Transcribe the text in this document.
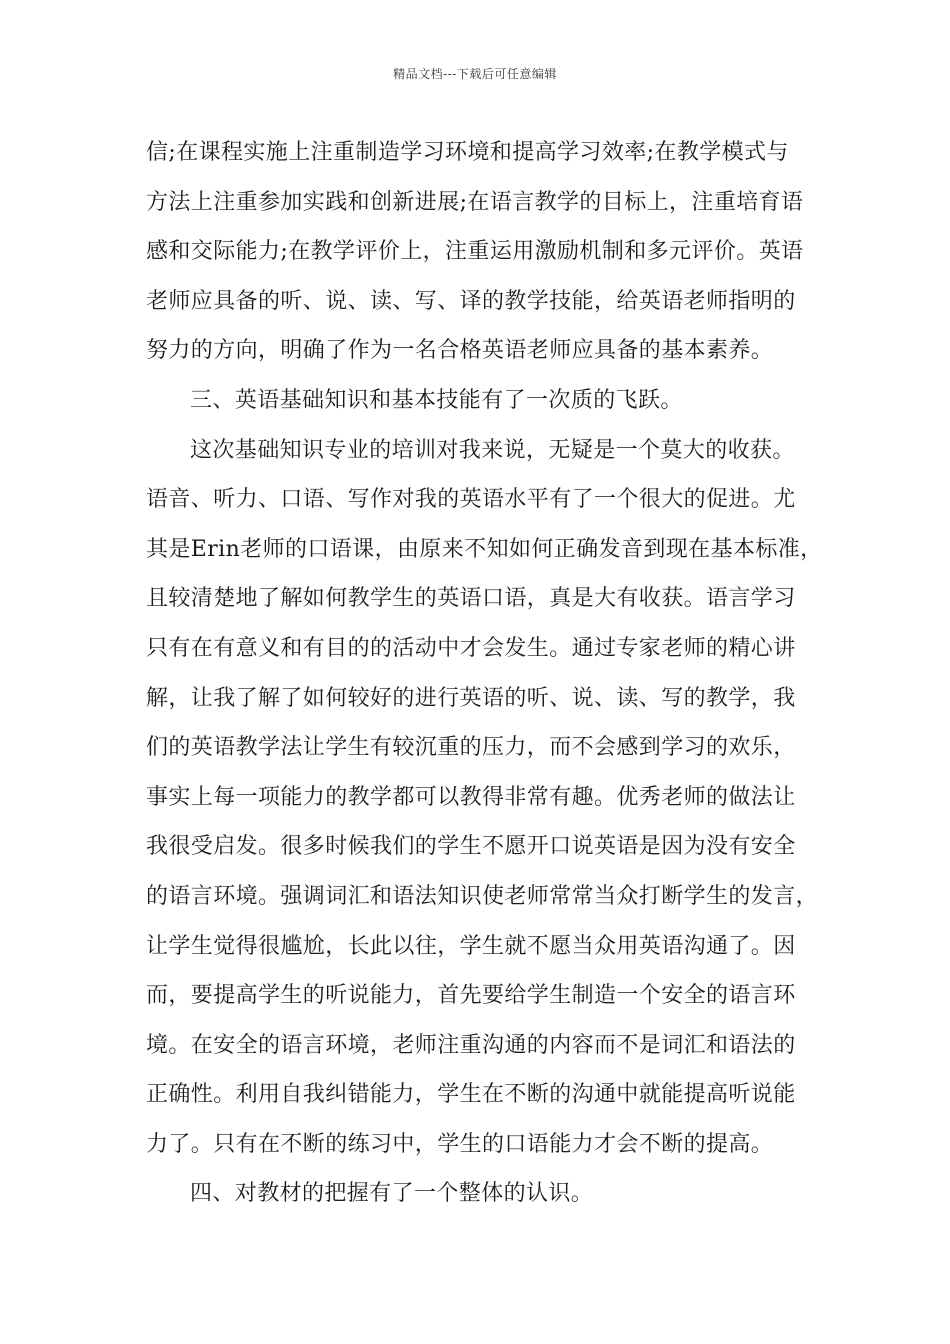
精品文档---下载后可任意编辑
信;在课程实施上注重制造学习环境和提高学习效率;在教学模式与
方法上注重参加实践和创新进展;在语言教学的目标上，注重培育语
感和交际能力;在教学评价上，注重运用激励机制和多元评价。英语
老师应具备的听、说、读、写、译的教学技能，给英语老师指明的
努力的方向，明确了作为一名合格英语老师应具备的基本素养。
三、英语基础知识和基本技能有了一次质的飞跃。
这次基础知识专业的培训对我来说，无疑是一个莫大的收获。
语音、听力、口语、写作对我的英语水平有了一个很大的促进。尤
其是Erin老师的口语课，由原来不知如何正确发音到现在基本标准，
且较清楚地了解如何教学生的英语口语，真是大有收获。语言学习
只有在有意义和有目的的活动中才会发生。通过专家老师的精心讲
解，让我了解了如何较好的进行英语的听、说、读、写的教学，我
们的英语教学法让学生有较沉重的压力，而不会感到学习的欢乐，
事实上每一项能力的教学都可以教得非常有趣。优秀老师的做法让
我很受启发。很多时候我们的学生不愿开口说英语是因为没有安全
的语言环境。强调词汇和语法知识使老师常常当众打断学生的发言，
让学生觉得很尴尬，长此以往，学生就不愿当众用英语沟通了。因
而，要提高学生的听说能力，首先要给学生制造一个安全的语言环
境。在安全的语言环境，老师注重沟通的内容而不是词汇和语法的
正确性。利用自我纠错能力，学生在不断的沟通中就能提高听说能
力了。只有在不断的练习中，学生的口语能力才会不断的提高。
四、对教材的把握有了一个整体的认识。
